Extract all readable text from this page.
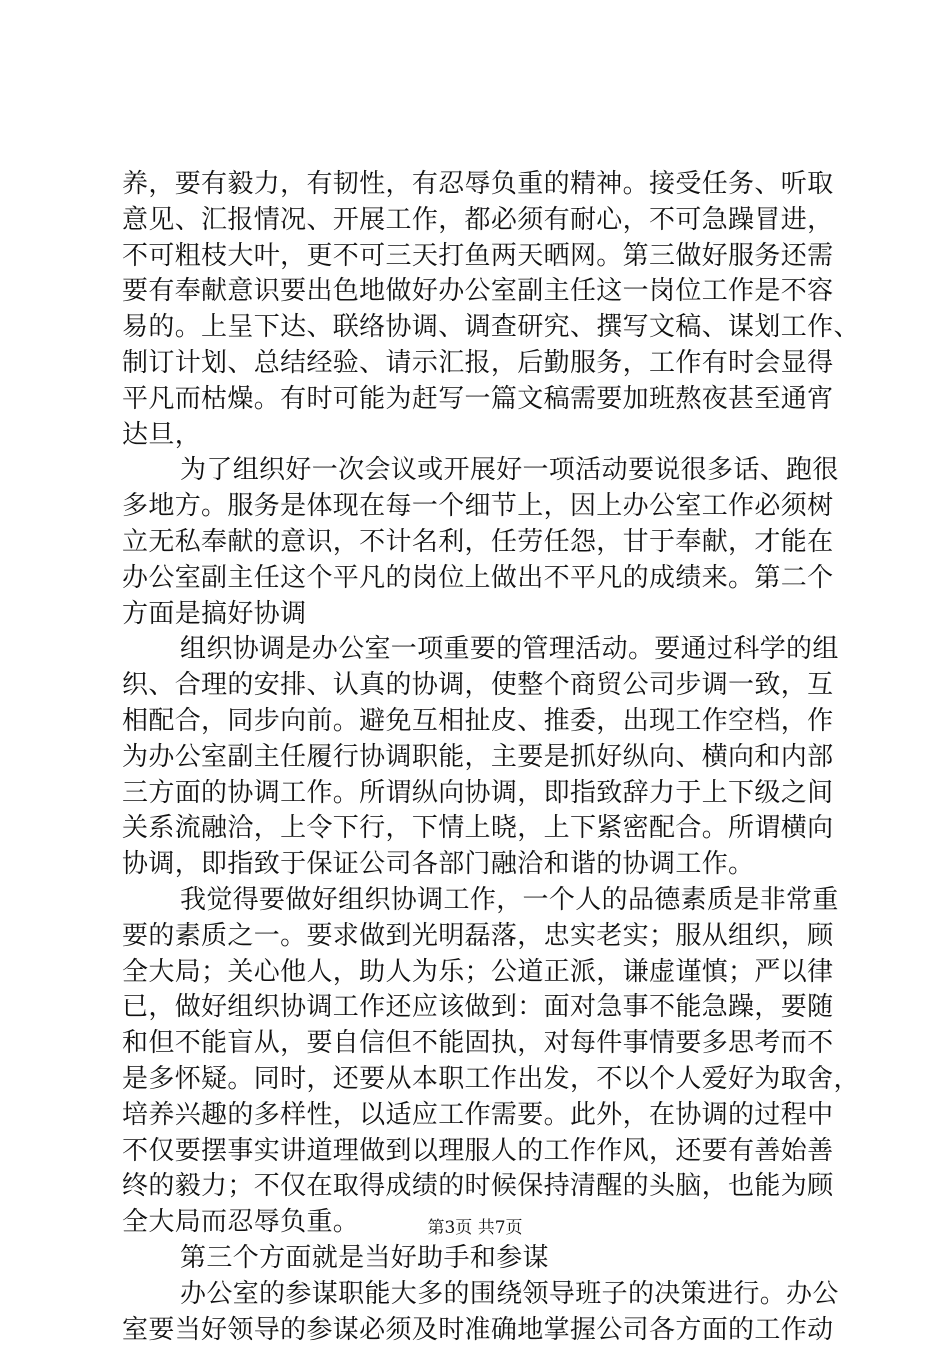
养，要有毅力，有韧性，有忍辱负重的精神。接受任务、听取
意见、汇报情况、开展工作，都必须有耐心，不可急躁冒进，
不可粗枝大叶，更不可三天打鱼两天晒网。第三做好服务还需
要有奉献意识要出色地做好办公室副主任这一岗位工作是不容
易的。上呈下达、联络协调、调查研究、撰写文稿、谋划工作、
制订计划、总结经验、请示汇报，后勤服务，工作有时会显得
平凡而枯燥。有时可能为赶写一篇文稿需要加班熬夜甚至通宵
达旦，
为了组织好一次会议或开展好一项活动要说很多话、跑很
多地方。服务是体现在每一个细节上，因上办公室工作必须树
立无私奉献的意识，不计名利，任劳任怨，甘于奉献，才能在
办公室副主任这个平凡的岗位上做出不平凡的成绩来。第二个
方面是搞好协调
组织协调是办公室一项重要的管理活动。要通过科学的组
织、合理的安排、认真的协调，使整个商贸公司步调一致，互
相配合，同步向前。避免互相扯皮、推委，出现工作空档，作
为办公室副主任履行协调职能，主要是抓好纵向、横向和内部
三方面的协调工作。所谓纵向协调，即指致辞力于上下级之间
关系流融洽，上令下行，下情上晓，上下紧密配合。所谓横向
协调，即指致于保证公司各部门融洽和谐的协调工作。
我觉得要做好组织协调工作，一个人的品德素质是非常重
要的素质之一。要求做到光明磊落，忠实老实；服从组织，顾
全大局；关心他人，助人为乐；公道正派，谦虚谨慎；严以律
已，做好组织协调工作还应该做到：面对急事不能急躁，要随
和但不能盲从，要自信但不能固执，对每件事情要多思考而不
是多怀疑。同时，还要从本职工作出发，不以个人爱好为取舍，
培养兴趣的多样性，以适应工作需要。此外，在协调的过程中
不仅要摆事实讲道理做到以理服人的工作作风，还要有善始善
终的毅力；不仅在取得成绩的时候保持清醒的头脑，也能为顾
全大局而忍辱负重。
第三个方面就是当好助手和参谋
办公室的参谋职能大多的围绕领导班子的决策进行。办公
室要当好领导的参谋必须及时准确地掌握公司各方面的工作动
第3页 共7页
